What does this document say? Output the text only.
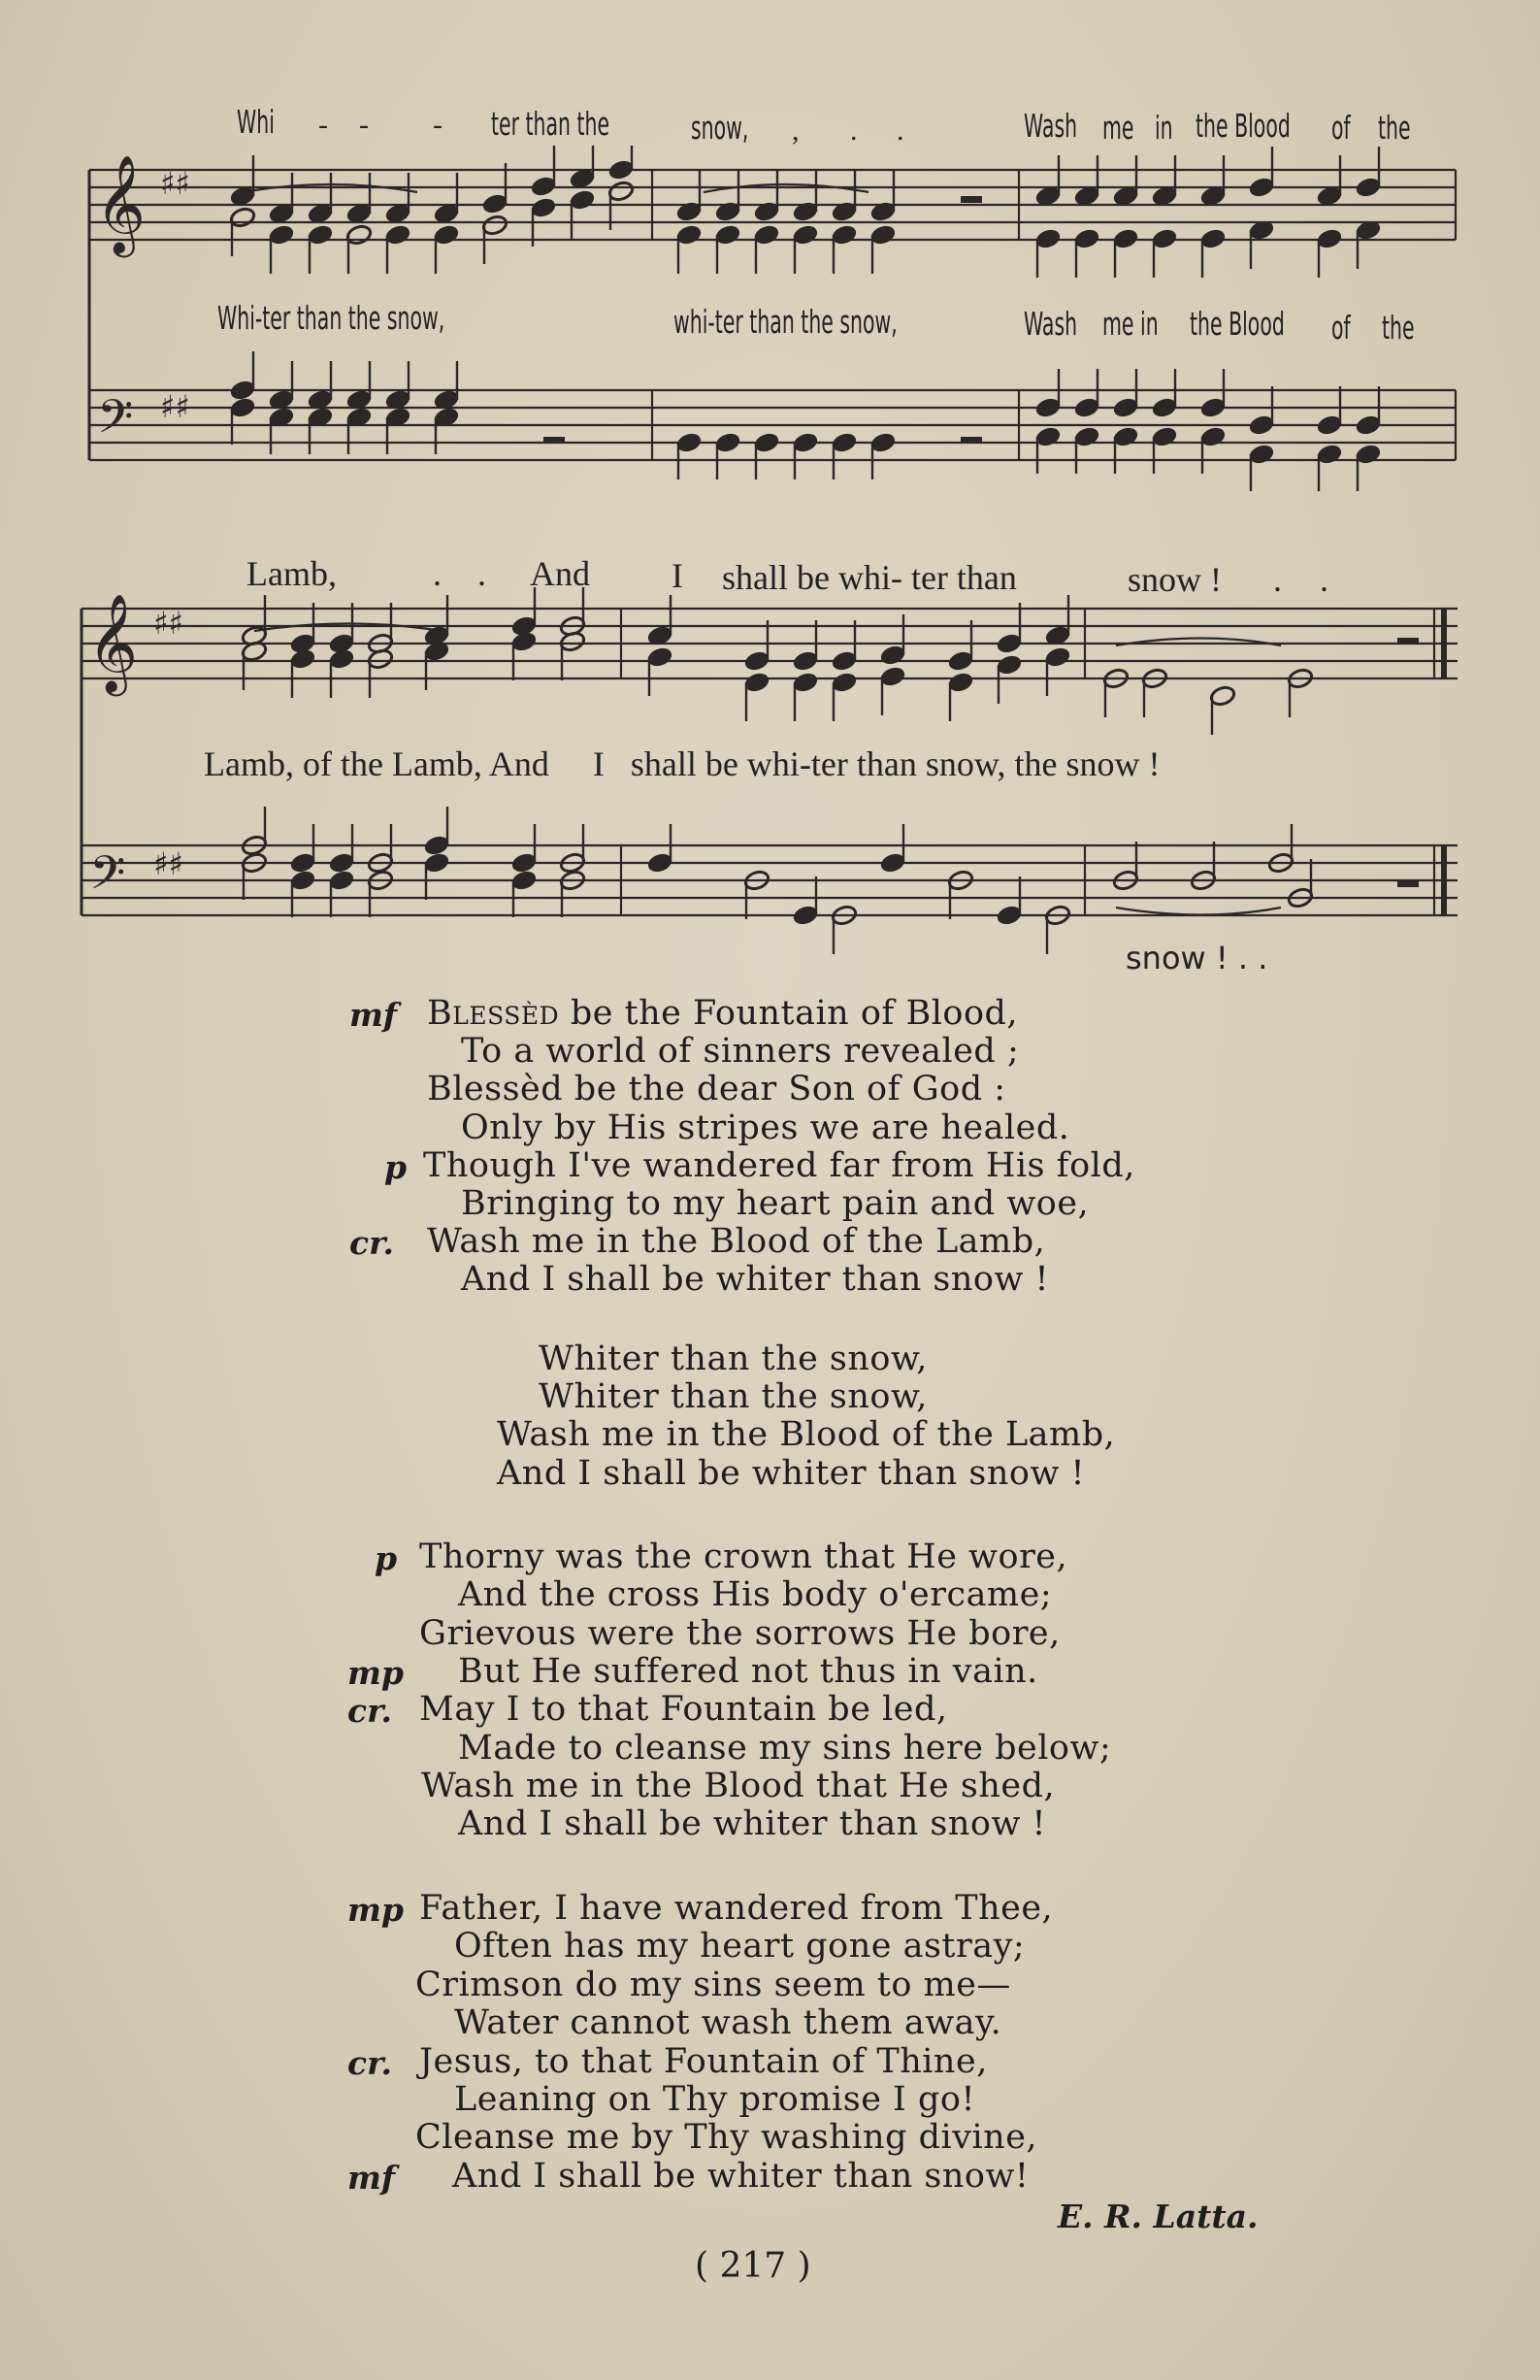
Whi - - - ter than the	snow, , . .	Wash me in the Blood of the
𝄞
𝄢
♯♯
♯♯
Whi-ter than the snow,	whi-ter than the snow,	Wash me in the Blood of the
Lamb,	. . And I shall be whi- ter than	snow ! . .
𝄞
𝄢
♯♯
♯♯
Lamb, of the Lamb, And     I   shall be whi-ter than snow, the snow !
snow ! . .
Blessèd be the Fountain of Blood,
mf
To a world of sinners revealed ;
Blessèd be the dear Son of God :
Only by His stripes we are healed.
Though I've wandered far from His fold,
p
Bringing to my heart pain and woe,
Wash me in the Blood of the Lamb,
cr.
And I shall be whiter than snow !
Whiter than the snow,
Whiter than the snow,
Wash me in the Blood of the Lamb,
And I shall be whiter than snow !
Thorny was the crown that He wore,
p
And the cross His body o'ercame;
Grievous were the sorrows He bore,
But He suffered not thus in vain.
mp
May I to that Fountain be led,
cr.
Made to cleanse my sins here below;
Wash me in the Blood that He shed,
And I shall be whiter than snow !
Father, I have wandered from Thee,
mp
Often has my heart gone astray;
Crimson do my sins seem to me—
Water cannot wash them away.
Jesus, to that Fountain of Thine,
cr.
Leaning on Thy promise I go!
Cleanse me by Thy washing divine,
And I shall be whiter than snow!
mf
E. R. Latta.
( 217 )
